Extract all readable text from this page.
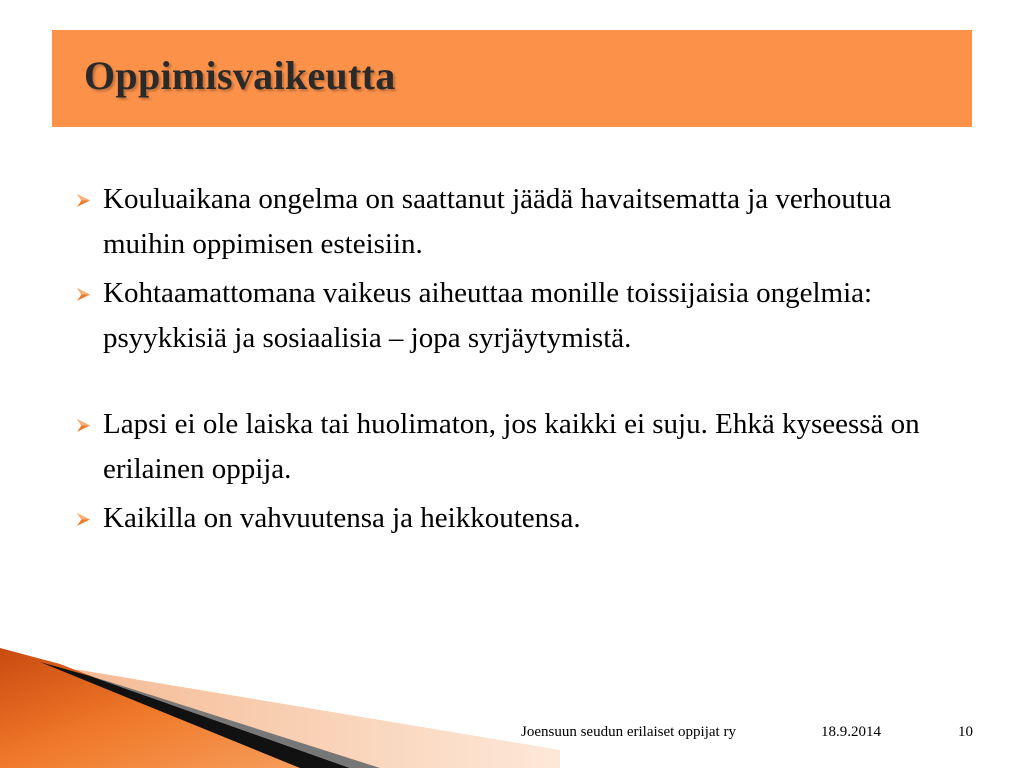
Oppimisvaikeutta
Kouluaikana ongelma on saattanut jäädä havaitsematta ja verhoutua muihin oppimisen esteisiin.
Kohtaamattomana vaikeus aiheuttaa monille toissijaisia ongelmia: psyykkisiä ja sosiaalisia – jopa syrjäytymistä.
Lapsi ei ole laiska tai huolimaton, jos kaikki ei suju. Ehkä kyseessä on erilainen oppija.
Kaikilla on vahvuutensa ja heikkoutensa.
Joensuun seudun erilaiset oppijat ry	18.9.2014	10
